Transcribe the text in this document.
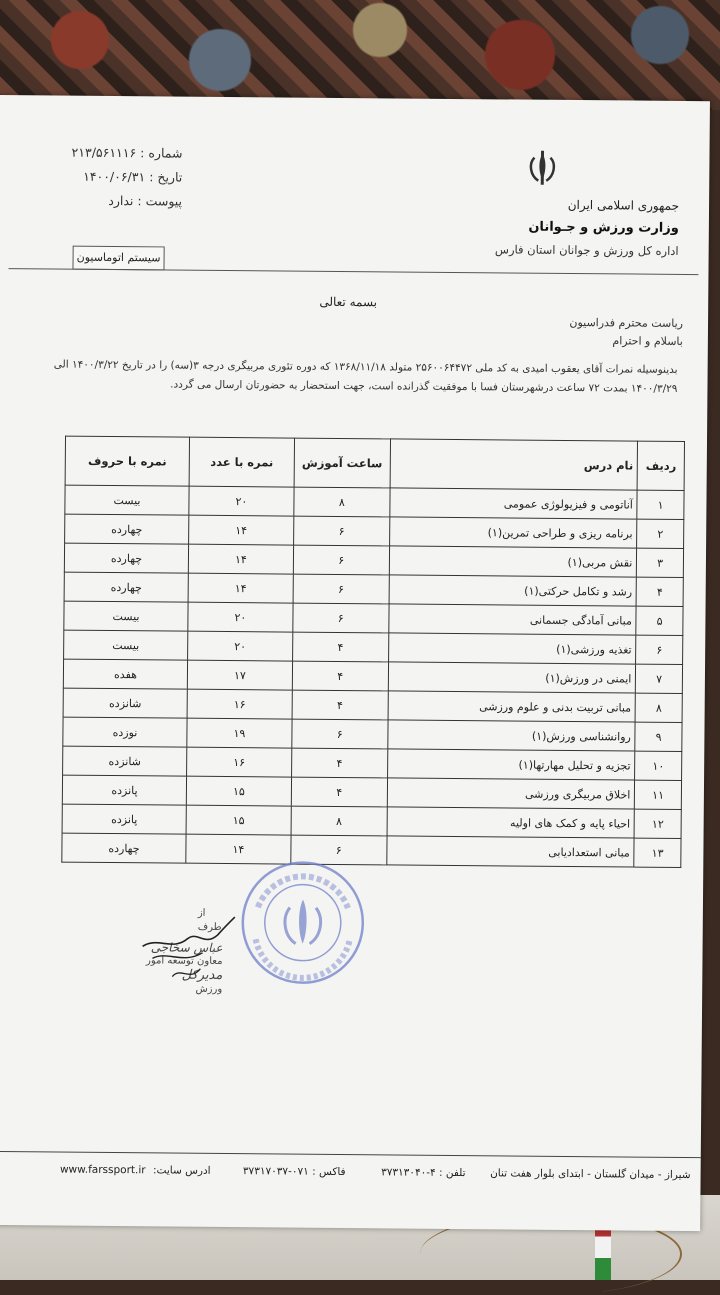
شماره : ۲۱۳/۵۶۱۱۱۶
تاریخ : ۱۴۰۰/۰۶/۳۱
پیوست : ندارد
سیستم اتوماسیون
جمهوری اسلامی ایران
وزارت ورزش و جـوانان
اداره کل ورزش و جوانان استان فارس
بسمه تعالی
ریاست محترم فدراسیون
باسلام و احترام
بدینوسیله نمرات آقای یعقوب امیدی به کد ملی ۲۵۶۰۰۶۴۴۷۲ متولد ۱۳۶۸/۱۱/۱۸ که دوره تئوری مربیگری درجه ۳(سه) را در تاریخ ۱۴۰۰/۳/۲۲ الی ۱۴۰۰/۳/۲۹ بمدت ۷۲ ساعت درشهرستان فسا با موفقیت گذرانده است، جهت استحضار به حضورتان ارسال می گردد.
ردیف	نام درس	ساعت آموزش	نمره با عدد	نمره با حروف
۱	آناتومی و فیزیولوژی عمومی	۸	۲۰	بیست
۲	برنامه ریزی و طراحی تمرین(۱)	۶	۱۴	چهارده
۳	نقش مربی(۱)	۶	۱۴	چهارده
۴	رشد و تکامل حرکتی(۱)	۶	۱۴	چهارده
۵	مبانی آمادگی جسمانی	۶	۲۰	بیست
۶	تغذیه ورزشی(۱)	۴	۲۰	بیست
۷	ایمنی در ورزش(۱)	۴	۱۷	هفده
۸	مبانی تربیت بدنی و علوم ورزشی	۴	۱۶	شانزده
۹	روانشناسی ورزش(۱)	۶	۱۹	نوزده
۱۰	تجزیه و تحلیل مهارتها(۱)	۴	۱۶	شانزده
۱۱	اخلاق مربیگری ورزشی	۴	۱۵	پانزده
۱۲	احیاء پایه و کمک های اولیه	۸	۱۵	پانزده
۱۳	مبانی استعدادیابی	۶	۱۴	چهارده
از طرف
عباس سخاجی
معاون توسعه امور
مدیرکل
ورزش
شیراز - میدان گلستان - ابتدای بلوار هفت تنان
تلفن : ۴-۳۷۳۱۳۰۴۰
فاکس : ۰۷۱-۳۷۳۱۷۰۳۷
ادرس سایت:
www.farssport.ir
